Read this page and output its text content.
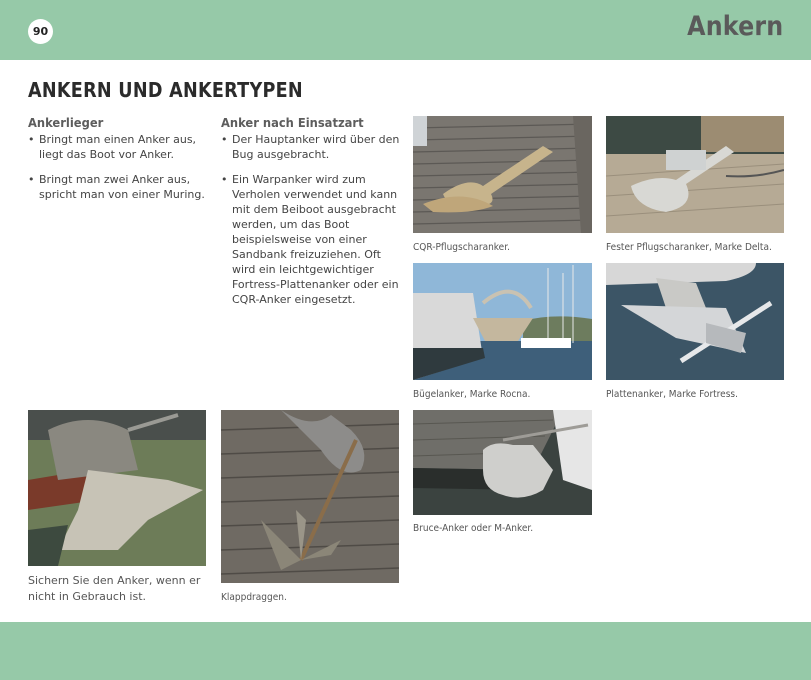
90	Ankern
ANKERN UND ANKERTYPEN
Ankerlieger
• Bringt man einen Anker aus, liegt das Boot vor Anker.
• Bringt man zwei Anker aus, spricht man von einer Muring.
Anker nach Einsatzart
• Der Hauptanker wird über den Bug ausgebracht.
• Ein Warpanker wird zum Verholen verwendet und kann mit dem Beiboot ausgebracht werden, um das Boot beispielsweise von einer Sandbank freizuziehen. Oft wird ein leichtgewichtiger Fortress-Plattenanker oder ein CQR-Anker eingesetzt.
CQR-Pflugscharanker.	Fester Pflugscharanker, Marke Delta.
Bügelanker, Marke Rocna.	Plattenanker, Marke Fortress.
Sichern Sie den Anker, wenn er nicht in Gebrauch ist.	Klappdraggen.
Bruce-Anker oder M-Anker.
